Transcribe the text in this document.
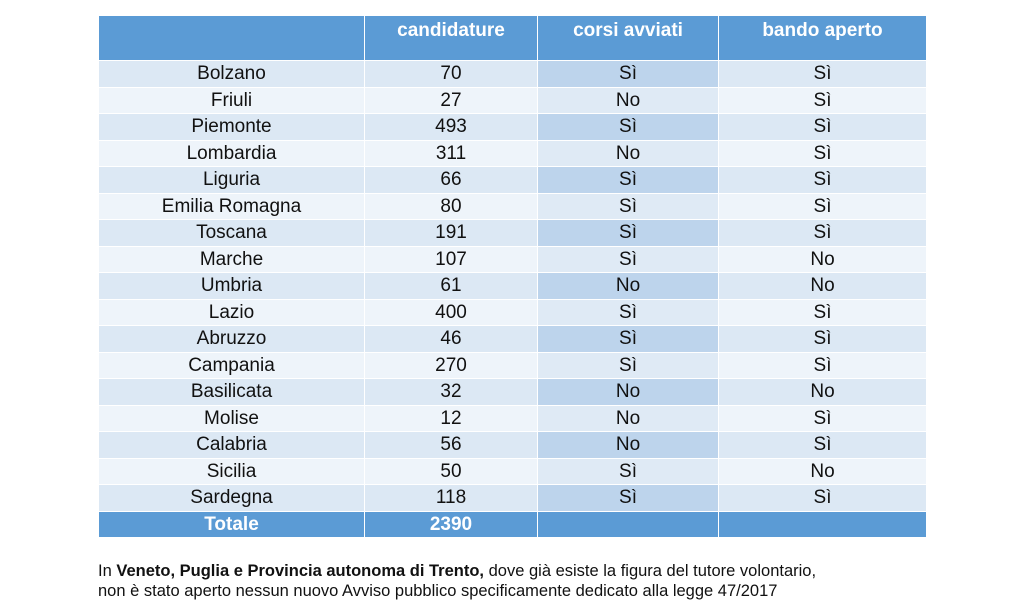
	candidature	corsi avviati	bando aperto
Bolzano	70	Sì	Sì
Friuli	27	No	Sì
Piemonte	493	Sì	Sì
Lombardia	311	No	Sì
Liguria	66	Sì	Sì
Emilia Romagna	80	Sì	Sì
Toscana	191	Sì	Sì
Marche	107	Sì	No
Umbria	61	No	No
Lazio	400	Sì	Sì
Abruzzo	46	Sì	Sì
Campania	270	Sì	Sì
Basilicata	32	No	No
Molise	12	No	Sì
Calabria	56	No	Sì
Sicilia	50	Sì	No
Sardegna	118	Sì	Sì
Totale	2390		
In Veneto, Puglia e Provincia autonoma di Trento, dove già esiste la figura del tutore volontario,
non è stato aperto nessun nuovo Avviso pubblico specificamente dedicato alla legge 47/2017
